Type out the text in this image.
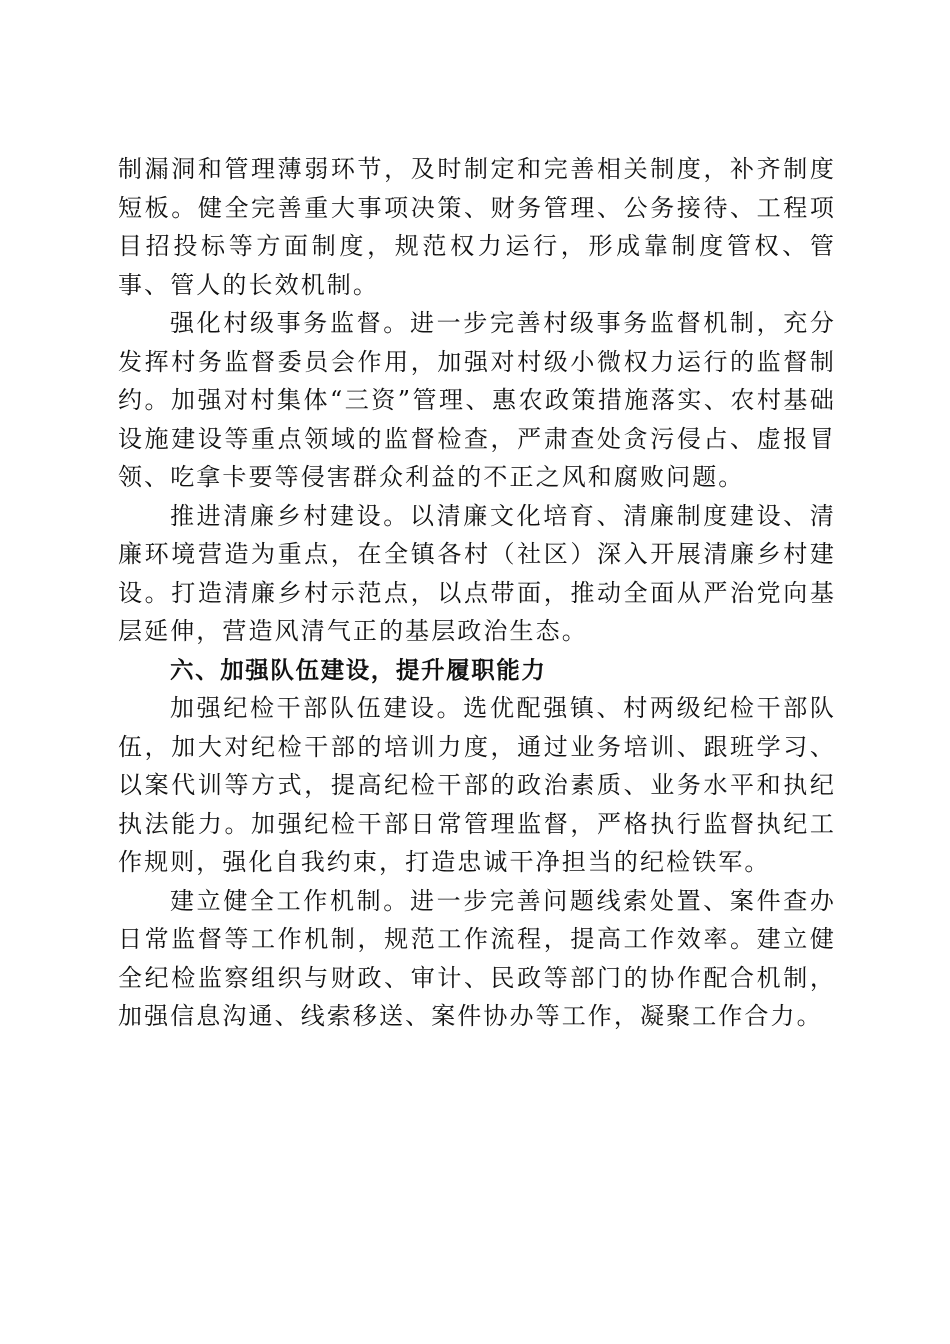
制漏洞和管理薄弱环节，及时制定和完善相关制度，补齐制度短板。健全完善重大事项决策、财务管理、公务接待、工程项目招投标等方面制度，规范权力运行，形成靠制度管权、管事、管人的长效机制。

强化村级事务监督。进一步完善村级事务监督机制，充分发挥村务监督委员会作用，加强对村级小微权力运行的监督制约。加强对村集体“三资”管理、惠农政策措施落实、农村基础设施建设等重点领域的监督检查，严肃查处贪污侵占、虚报冒领、吃拿卡要等侵害群众利益的不正之风和腐败问题。

推进清廉乡村建设。以清廉文化培育、清廉制度建设、清廉环境营造为重点，在全镇各村（社区）深入开展清廉乡村建设。打造清廉乡村示范点，以点带面，推动全面从严治党向基层延伸，营造风清气正的基层政治生态。

六、加强队伍建设，提升履职能力

加强纪检干部队伍建设。选优配强镇、村两级纪检干部队伍，加大对纪检干部的培训力度，通过业务培训、跟班学习、以案代训等方式，提高纪检干部的政治素质、业务水平和执纪执法能力。加强纪检干部日常管理监督，严格执行监督执纪工作规则，强化自我约束，打造忠诚干净担当的纪检铁军。

建立健全工作机制。进一步完善问题线索处置、案件查办日常监督等工作机制，规范工作流程，提高工作效率。建立健全纪检监察组织与财政、审计、民政等部门的协作配合机制，加强信息沟通、线索移送、案件协办等工作，凝聚工作合力。
